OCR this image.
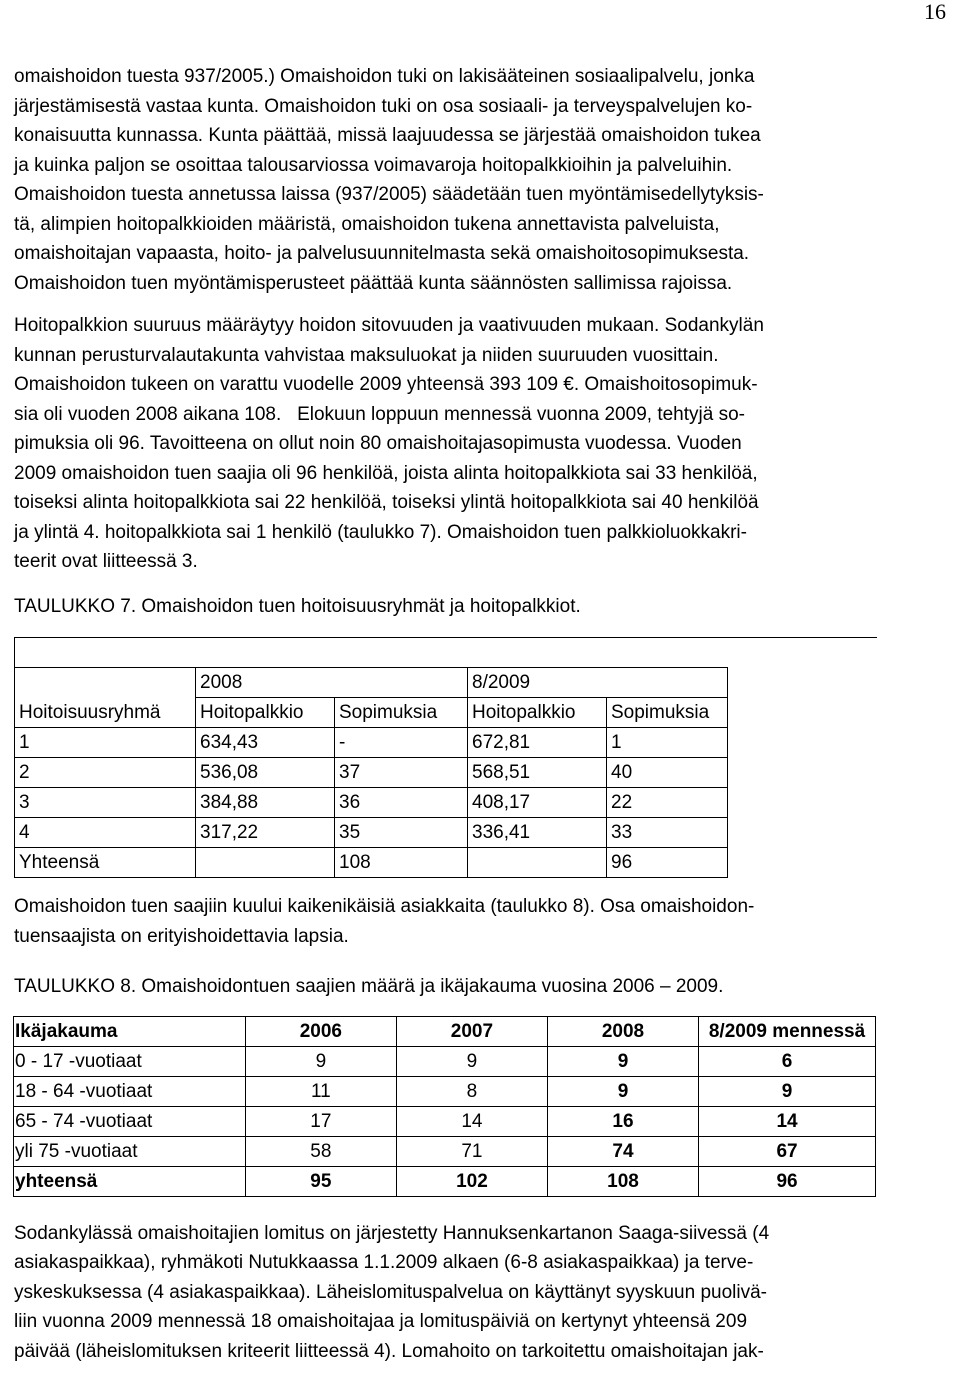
16
omaishoidon tuesta 937/2005.) Omaishoidon tuki on lakisääteinen sosiaalipalvelu, jonka
järjestämisestä vastaa kunta. Omaishoidon tuki on osa sosiaali- ja terveyspalvelujen ko-
konaisuutta kunnassa. Kunta päättää, missä laajuudessa se järjestää omaishoidon tukea
ja kuinka paljon se osoittaa talousarviossa voimavaroja hoitopalkkioihin ja palveluihin.
Omaishoidon tuesta annetussa laissa (937/2005) säädetään tuen myöntämisedellytyksis-
tä, alimpien hoitopalkkioiden määristä, omaishoidon tukena annettavista palveluista,
omaishoitajan vapaasta, hoito- ja palvelusuunnitelmasta sekä omaishoitosopimuksesta.
Omaishoidon tuen myöntämisperusteet päättää kunta säännösten sallimissa rajoissa.
Hoitopalkkion suuruus määräytyy hoidon sitovuuden ja vaativuuden mukaan. Sodankylän
kunnan perusturvalautakunta vahvistaa maksuluokat ja niiden suuruuden vuosittain.
Omaishoidon tukeen on varattu vuodelle 2009 yhteensä 393 109 €. Omaishoitosopimuk-
sia oli vuoden 2008 aikana 108.   Elokuun loppuun mennessä vuonna 2009, tehtyjä so-
pimuksia oli 96. Tavoitteena on ollut noin 80 omaishoitajasopimusta vuodessa. Vuoden
2009 omaishoidon tuen saajia oli 96 henkilöä, joista alinta hoitopalkkiota sai 33 henkilöä,
toiseksi alinta hoitopalkkiota sai 22 henkilöä, toiseksi ylintä hoitopalkkiota sai 40 henkilöä
ja ylintä 4. hoitopalkkiota sai 1 henkilö (taulukko 7). Omaishoidon tuen palkkioluokkakri-
teerit ovat liitteessä 3.
TAULUKKO 7. Omaishoidon tuen hoitoisuusryhmät ja hoitopalkkiot.
	2008		8/2009	
Hoitoisuusryhmä	Hoitopalkkio	Sopimuksia	Hoitopalkkio	Sopimuksia
1	634,43	-	672,81	1
2	536,08	37	568,51	40
3	384,88	36	408,17	22
4	317,22	35	336,41	33
Yhteensä		108		96
Omaishoidon tuen saajiin kuului kaikenikäisiä asiakkaita (taulukko 8). Osa omaishoidon-
tuensaajista on erityishoidettavia lapsia.
TAULUKKO 8. Omaishoidontuen saajien määrä ja ikäjakauma vuosina 2006 – 2009.
Ikäjakauma	2006	2007	2008	8/2009 mennessä
0 - 17 -vuotiaat	9	9	9	6
18 - 64 -vuotiaat	11	8	9	9
65 - 74 -vuotiaat	17	14	16	14
yli 75 -vuotiaat	58	71	74	67
yhteensä	95	102	108	96
Sodankylässä omaishoitajien lomitus on järjestetty Hannuksenkartanon Saaga-siivessä (4
asiakaspaikkaa), ryhmäkoti Nutukkaassa 1.1.2009 alkaen (6-8 asiakaspaikkaa) ja terve-
yskeskuksessa (4 asiakaspaikkaa). Läheislomituspalvelua on käyttänyt syyskuun puolivä-
liin vuonna 2009 mennessä 18 omaishoitajaa ja lomituspäiviä on kertynyt yhteensä 209
päivää (läheislomituksen kriteerit liitteessä 4). Lomahoito on tarkoitettu omaishoitajan jak-
